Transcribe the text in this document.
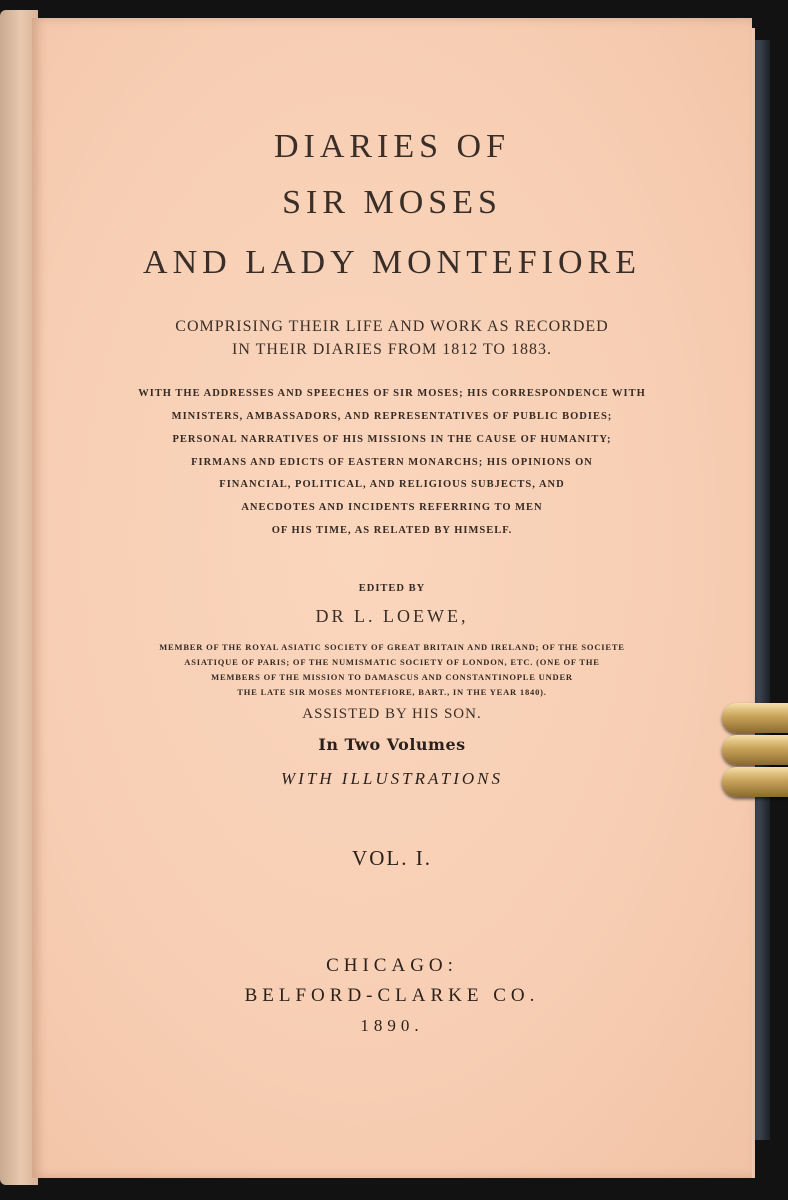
DIARIES OF
SIR MOSES
AND LADY MONTEFIORE
COMPRISING THEIR LIFE AND WORK AS RECORDED
IN THEIR DIARIES FROM 1812 TO 1883.
WITH THE ADDRESSES AND SPEECHES OF SIR MOSES; HIS CORRESPONDENCE WITH
MINISTERS, AMBASSADORS, AND REPRESENTATIVES OF PUBLIC BODIES;
PERSONAL NARRATIVES OF HIS MISSIONS IN THE CAUSE OF HUMANITY;
FIRMANS AND EDICTS OF EASTERN MONARCHS; HIS OPINIONS ON
FINANCIAL, POLITICAL, AND RELIGIOUS SUBJECTS, AND
ANECDOTES AND INCIDENTS REFERRING TO MEN
OF HIS TIME, AS RELATED BY HIMSELF.
EDITED BY
DR L. LOEWE,
MEMBER OF THE ROYAL ASIATIC SOCIETY OF GREAT BRITAIN AND IRELAND; OF THE SOCIETE
ASIATIQUE OF PARIS; OF THE NUMISMATIC SOCIETY OF LONDON, ETC. (ONE OF THE
MEMBERS OF THE MISSION TO DAMASCUS AND CONSTANTINOPLE UNDER
THE LATE SIR MOSES MONTEFIORE, BART., IN THE YEAR 1840).
ASSISTED BY HIS SON.
In Two Volumes
WITH ILLUSTRATIONS
VOL. I.
CHICAGO:
BELFORD-CLARKE CO.
1890.
